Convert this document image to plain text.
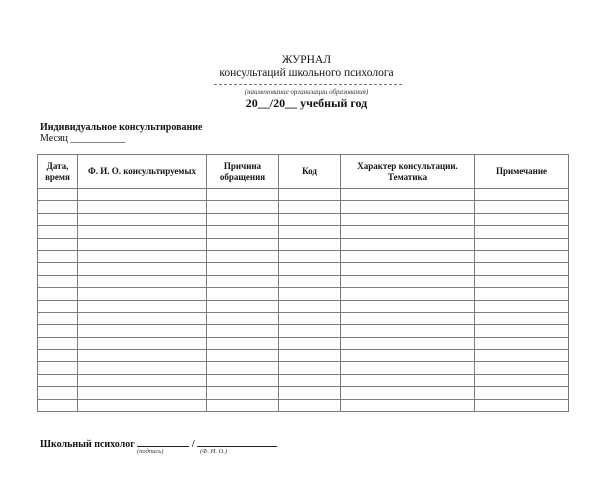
ЖУРНАЛ
консультаций школьного психолога
(наименование организации образования)
20__/20__ учебный год
Индивидуальное консультирование
Месяц ___________
Дата, время	Ф. И. О. консультируемых	Причина обращения	Код	Характер консультации. Тематика	Примечание

Школьный психолог	/
(подпись)	(Ф. И. О.)
